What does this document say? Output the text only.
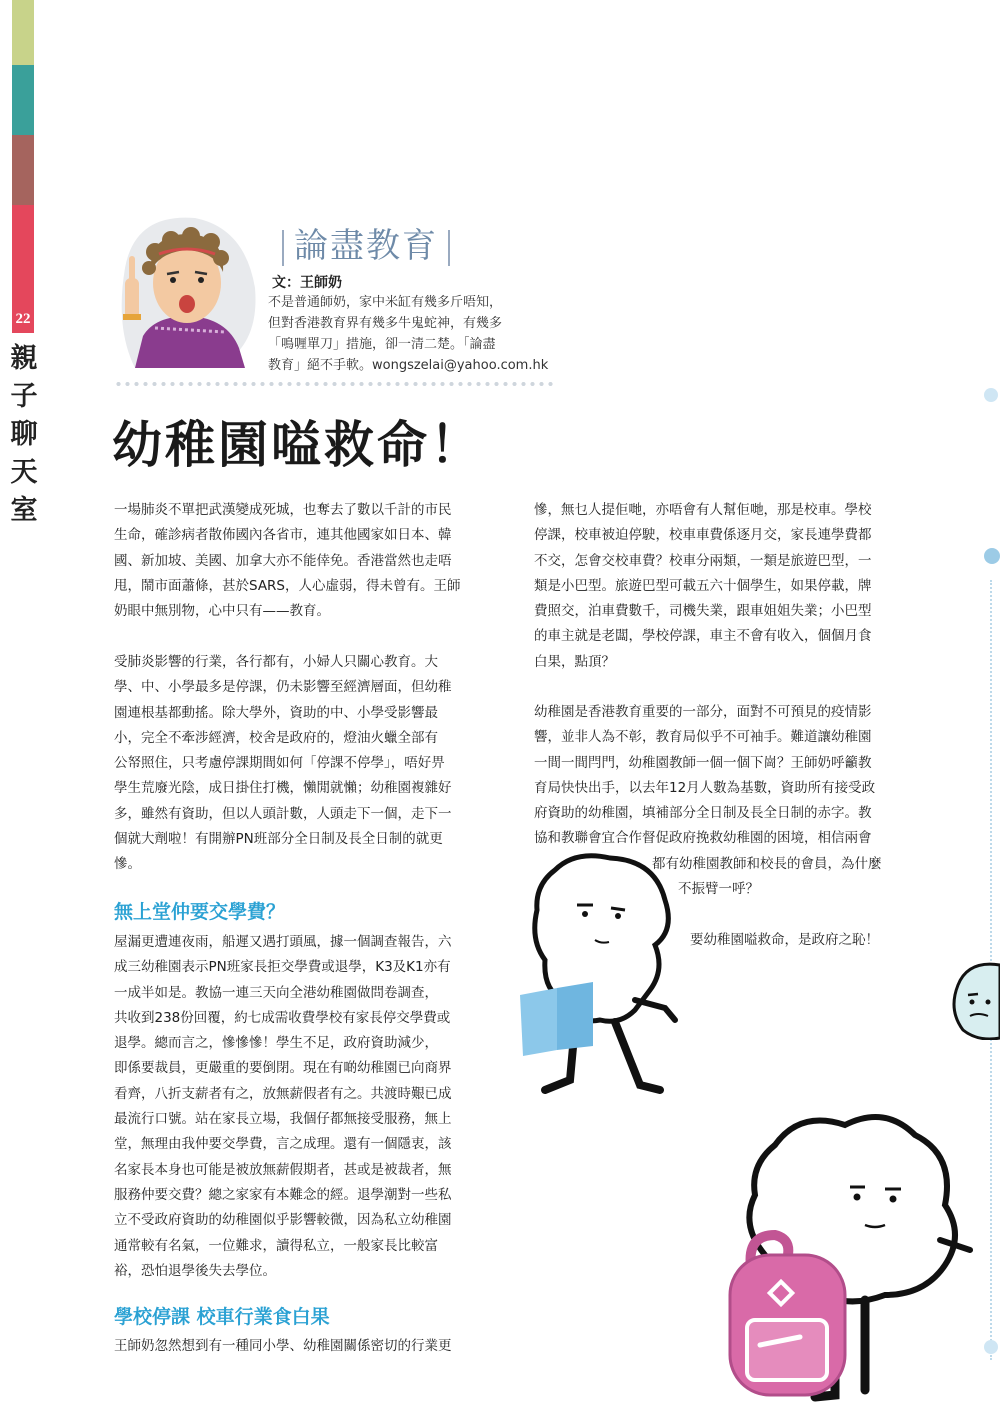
22
親
子
聊
天
室
論盡教育
文：王師奶

不是普通師奶，家中米缸有幾多斤唔知，

但對香港教育界有幾多牛鬼蛇神，有幾多

「鳴喱單刀」措施，卻一清二楚。「論盡

教育」絕不手軟。wongszelai@yahoo.com.hk

幼稚園嗌救命！

一場肺炎不單把武漢變成死城，也奪去了數以千計的市民

生命，確診病者散佈國內各省市，連其他國家如日本、韓

國、新加坡、美國、加拿大亦不能倖免。香港當然也走唔

甩，鬧市面蕭條，甚於SARS，人心虛弱，得未曾有。王師

奶眼中無別物，心中只有——教育。

受肺炎影響的行業，各行都有，小婦人只關心教育。大

學、中、小學最多是停課，仍未影響至經濟層面，但幼稚

園連根基都動搖。除大學外，資助的中、小學受影響最

小，完全不牽涉經濟，校舍是政府的，燈油火蠟全部有

公帑照住，只考慮停課期間如何「停課不停學」，唔好畀

學生荒廢光陰，成日掛住打機，懶閒就懶；幼稚園複雜好

多，雖然有資助，但以人頭計數，人頭走下一個，走下一

個就大劑啦！有開辦PN班部分全日制及長全日制的就更

慘。

無上堂仲要交學費？

屋漏更遭連夜雨，船遲又遇打頭風，據一個調查報告，六

成三幼稚園表示PN班家長拒交學費或退學，K3及K1亦有

一成半如是。教協一連三天向全港幼稚園做問卷調查，

共收到238份回覆，約七成需收費學校有家長停交學費或

退學。總而言之，慘慘慘！學生不足，政府資助減少，

即係要裁員，更嚴重的要倒閉。現在有啲幼稚園已向商界

看齊，八折支薪者有之，放無薪假者有之。共渡時艱已成

最流行口號。站在家長立場，我個仔都無接受服務，無上

堂，無理由我仲要交學費，言之成理。還有一個隱衷，該

名家長本身也可能是被放無薪假期者，甚或是被裁者，無

服務仲要交費？總之家家有本難念的經。退學潮對一些私

立不受政府資助的幼稚園似乎影響較微，因為私立幼稚園

通常較有名氣，一位難求，讀得私立，一般家長比較富

裕，恐怕退學後失去學位。

學校停課 校車行業食白果

王師奶忽然想到有一種同小學、幼稚園關係密切的行業更

慘，無乜人提佢哋，亦唔會有人幫佢哋，那是校車。學校

停課，校車被迫停駛，校車車費係逐月交，家長連學費都

不交，怎會交校車費？校車分兩類，一類是旅遊巴型，一

類是小巴型。旅遊巴型可載五六十個學生，如果停載，牌

費照交，泊車費數千，司機失業，跟車姐姐失業；小巴型

的車主就是老闆，學校停課，車主不會有收入，個個月食

白果，點頂？

幼稚園是香港教育重要的一部分，面對不可預見的疫情影

響，並非人為不彰，教育局似乎不可袖手。難道讓幼稚園

一間一間閂門，幼稚園教師一個一個下崗？王師奶呼籲教

育局快快出手，以去年12月人數為基數，資助所有接受政

府資助的幼稚園，填補部分全日制及長全日制的赤字。教

協和教聯會宜合作督促政府挽救幼稚園的困境，相信兩會

都有幼稚園教師和校長的會員，為什麼

不振臂一呼？

要幼稚園嗌救命，是政府之恥！
